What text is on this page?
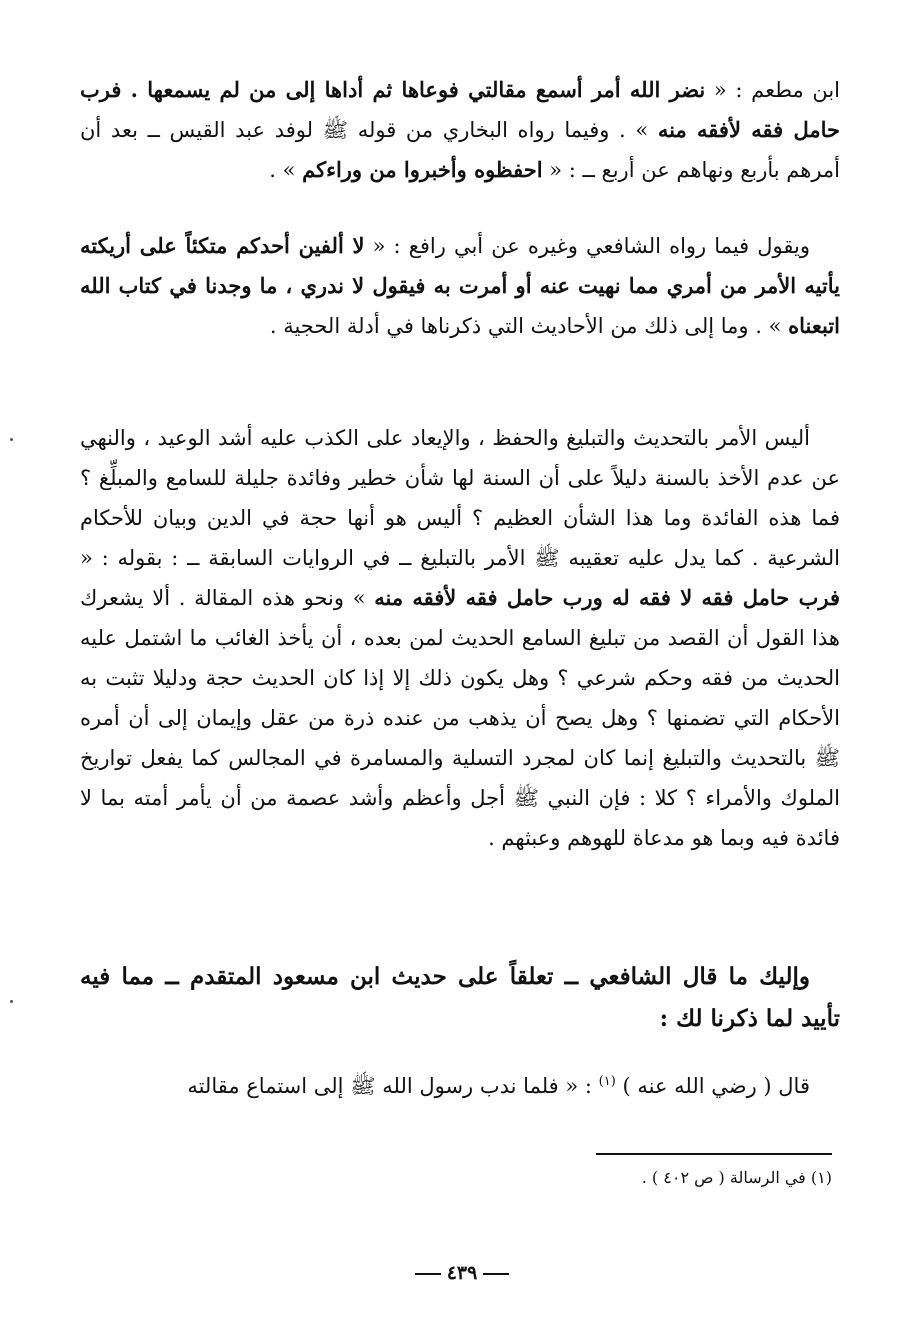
ابن مطعم : « نضر الله أمر أسمع مقالتي فوعاها ثم أداها إلى من لم يسمعها . فرب حامل فقه لأفقه منه » . وفيما رواه البخاري من قوله ﷺ لوفد عبد القيس ــ بعد أن أمرهم بأربع ونهاهم عن أربع ــ : « احفظوه وأخبروا من وراءكم » .

ويقول فيما رواه الشافعي وغيره عن أبي رافع : « لا ألفين أحدكم متكئاً على أريكته يأتيه الأمر من أمري مما نهيت عنه أو أمرت به فيقول لا ندري ، ما وجدنا في كتاب الله اتبعناه » . وما إلى ذلك من الأحاديث التي ذكرناها في أدلة الحجية .

أليس الأمر بالتحديث والتبليغ والحفظ ، والإيعاد على الكذب عليه أشد الوعيد ، والنهي عن عدم الأخذ بالسنة دليلاً على أن السنة لها شأن خطير وفائدة جليلة للسامع والمبلِّغ ؟ فما هذه الفائدة وما هذا الشأن العظيم ؟ أليس هو أنها حجة في الدين وبيان للأحكام الشرعية . كما يدل عليه تعقيبه ﷺ الأمر بالتبليغ ــ في الروايات السابقة ــ : بقوله : « فرب حامل فقه لا فقه له ورب حامل فقه لأفقه منه » ونحو هذه المقالة . ألا يشعرك هذا القول أن القصد من تبليغ السامع الحديث لمن بعده ، أن يأخذ الغائب ما اشتمل عليه الحديث من فقه وحكم شرعي ؟ وهل يكون ذلك إلا إذا كان الحديث حجة ودليلا تثبت به الأحكام التي تضمنها ؟ وهل يصح أن يذهب من عنده ذرة من عقل وإيمان إلى أن أمره ﷺ بالتحديث والتبليغ إنما كان لمجرد التسلية والمسامرة في المجالس كما يفعل تواريخ الملوك والأمراء ؟ كلا : فإن النبي ﷺ أجل وأعظم وأشد عصمة من أن يأمر أمته بما لا فائدة فيه وبما هو مدعاة للهوهم وعبثهم .

وإليك ما قال الشافعي ــ تعلقاً على حديث ابن مسعود المتقدم ــ مما فيه تأييد لما ذكرنا لك :

قال ( رضي الله عنه ) $^{(١)}$ : « فلما ندب رسول الله ﷺ إلى استماع مقالته

(١) في الرسالة ( ص ٤٠٢ ) .
٤٣٩
